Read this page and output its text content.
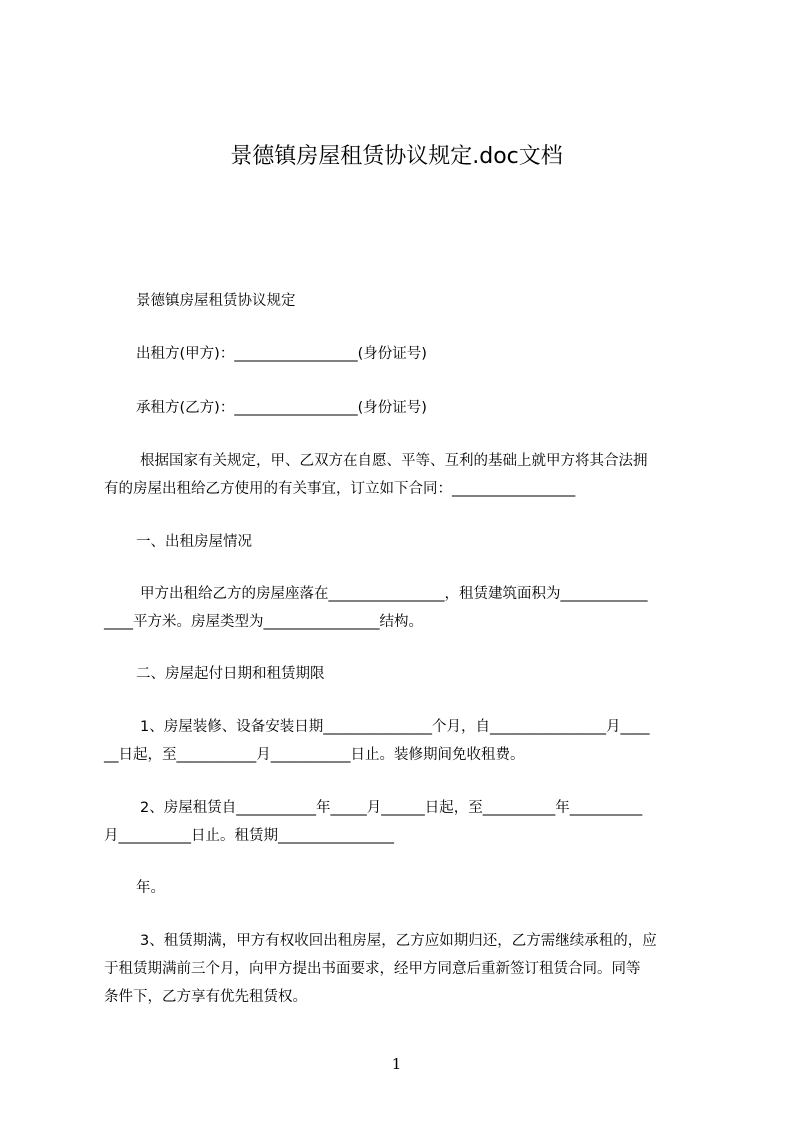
景德镇房屋租赁协议规定.doc文档
景德镇房屋租赁协议规定
出租方(甲方)：_________________(身份证号)
承租方(乙方)：_________________(身份证号)
根据国家有关规定，甲、乙双方在自愿、平等、互利的基础上就甲方将其合法拥
有的房屋出租给乙方使用的有关事宜，订立如下合同：_________________
一、出租房屋情况
甲方出租给乙方的房屋座落在________________，租赁建筑面积为____________
____平方米。房屋类型为________________结构。
二、房屋起付日期和租赁期限
1、房屋装修、设备安装日期_______________个月，自________________月____
__日起，至___________月___________日止。装修期间免收租费。
2、房屋租赁自___________年_____月______日起，至__________年__________
月__________日止。租赁期________________
年。
3、租赁期满，甲方有权收回出租房屋，乙方应如期归还，乙方需继续承租的，应
于租赁期满前三个月，向甲方提出书面要求，经甲方同意后重新签订租赁合同。同等
条件下，乙方享有优先租赁权。
1
